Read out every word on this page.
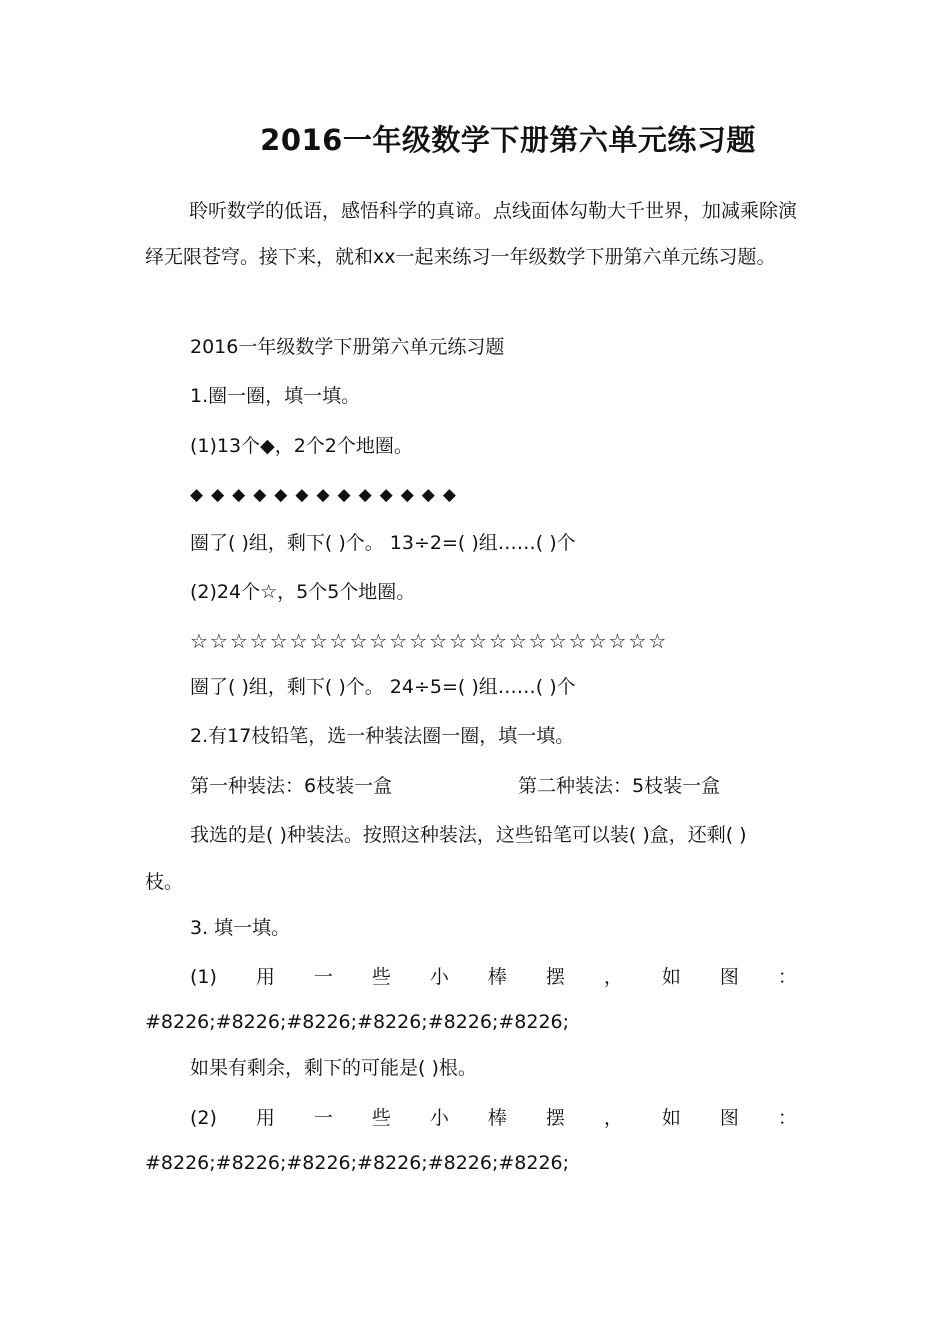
2016一年级数学下册第六单元练习题

聆听数学的低语，感悟科学的真谛。点线面体勾勒大千世界，加减乘除演绎无限苍穹。接下来，就和xx一起来练习一年级数学下册第六单元练习题。

2016一年级数学下册第六单元练习题
1.圈一圈，填一填。
(1)13个◆，2个2个地圈。
◆◆◆◆◆◆◆◆◆◆◆◆◆
圈了( )组，剩下( )个。 13÷2=( )组……( )个
(2)24个☆，5个5个地圈。
☆☆☆☆☆☆☆☆☆☆☆☆☆☆☆☆☆☆☆☆☆☆☆☆
圈了( )组，剩下( )个。 24÷5=( )组……( )个
2.有17枝铅笔，选一种装法圈一圈，填一填。
第一种装法：6枝装一盒	第二种装法：5枝装一盒
我选的是( )种装法。按照这种装法，这些铅笔可以装( )盒，还剩( )
枝。
3. 填一填。
(1) 用 一 些 小 棒 摆 ， 如 图 ：
#8226;#8226;#8226;#8226;#8226;#8226;
如果有剩余，剩下的可能是( )根。
(2) 用 一 些 小 棒 摆 ， 如 图 ：
#8226;#8226;#8226;#8226;#8226;#8226;
